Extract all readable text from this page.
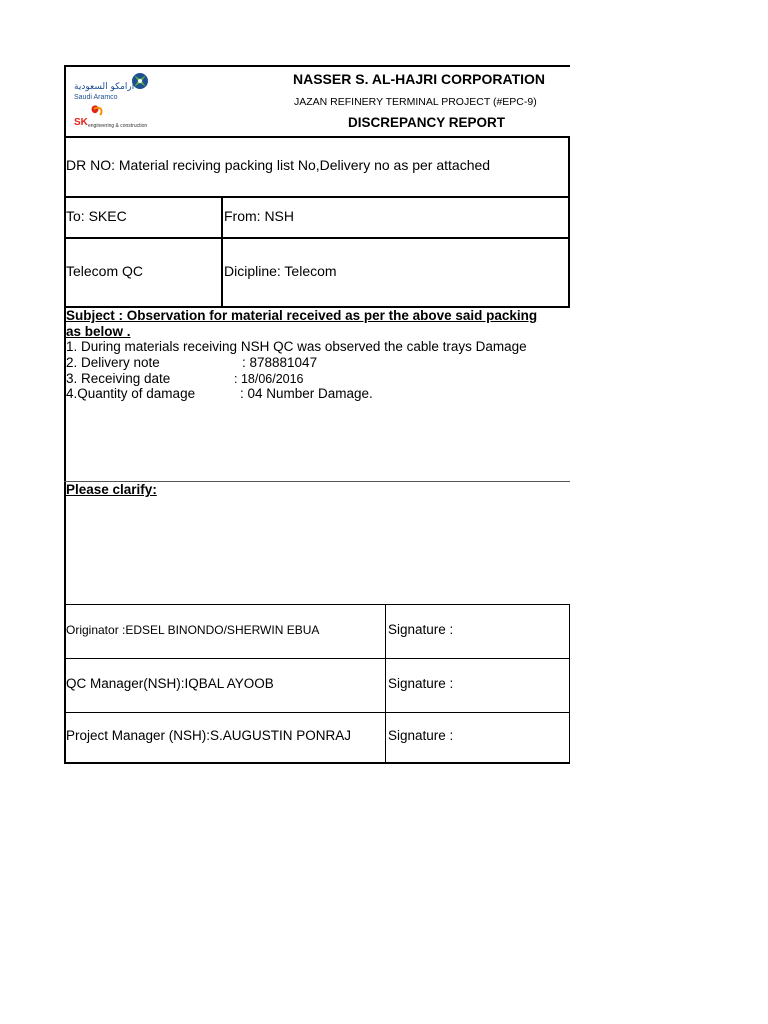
ارامكو السعودية
Saudi Aramco
SK engineering & construction
NASSER S. AL-HAJRI CORPORATION
JAZAN REFINERY TERMINAL PROJECT (#EPC-9)
DISCREPANCY REPORT
DR NO: Material reciving packing list No,Delivery no as per attached
To: SKEC	From: NSH
Telecom QC	Dicipline: Telecom
Subject : Observation for material received as per the above said packing
as below .
1. During materials receiving NSH QC was observed the cable trays Damage
2. Delivery note	: 878881047
3. Receiving date	: 18/06/2016
4.Quantity of damage	: 04 Number Damage.
Please clarify:
Originator :EDSEL BINONDO/SHERWIN EBUA	Signature :
QC Manager(NSH):IQBAL AYOOB	Signature :
Project Manager (NSH):S.AUGUSTIN PONRAJ	Signature :
